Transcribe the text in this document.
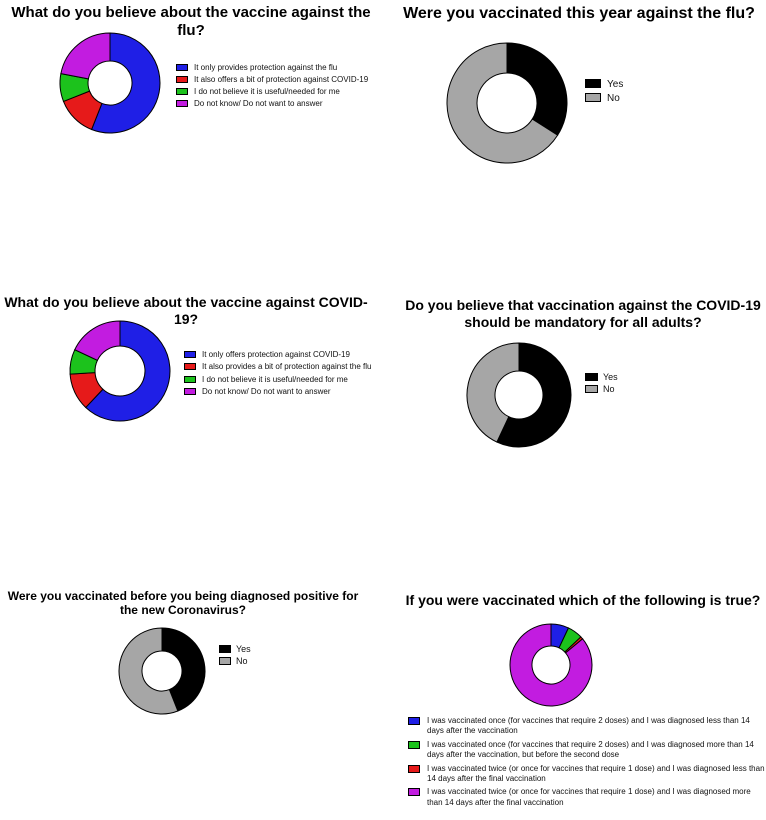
What do you believe about the vaccine against the flu?
It only provides protection against the flu
It also offers a bit of protection against COVID-19
I do not believe it is useful/needed for me
Do not know/ Do not want to answer
Were you vaccinated this year against the flu?
Yes
No
What do you believe about the vaccine against COVID-19?
It only offers protection against COVID-19
It also provides a bit of protection against the flu
I do not believe it is useful/needed for me
Do not know/ Do not want to answer
Do you believe that vaccination against the COVID-19 should be mandatory for all adults?
Yes
No
Were you vaccinated before you being diagnosed positive for the new Coronavirus?
Yes
No
If you were vaccinated which of the following is true?
I was vaccinated once (for vaccines that require 2 doses) and I was diagnosed less than 14 days after the vaccination
I was vaccinated once (for vaccines that require 2 doses) and I was diagnosed more than 14 days after the vaccination, but before the second dose
I was vaccinated twice (or once for vaccines that require 1 dose) and I was diagnosed less than 14 days after the final vaccination
I was vaccinated twice (or once for vaccines that require 1 dose) and I was diagnosed more than 14 days after the final vaccination
